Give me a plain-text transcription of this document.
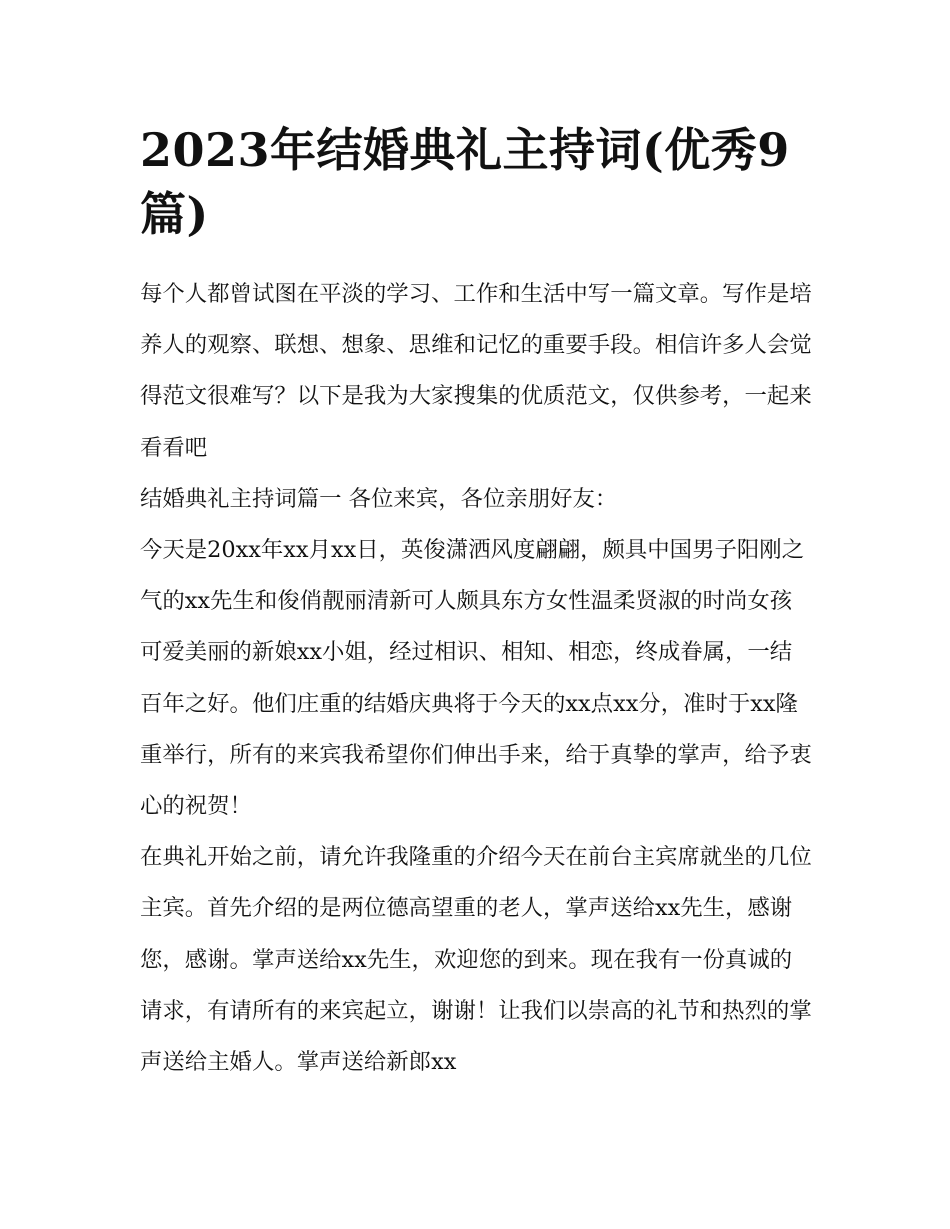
2023年结婚典礼主持词(优秀9篇)

每个人都曾试图在平淡的学习、工作和生活中写一篇文章。写作是培养人的观察、联想、想象、思维和记忆的重要手段。相信许多人会觉得范文很难写？以下是我为大家搜集的优质范文，仅供参考，一起来看看吧

结婚典礼主持词篇一 各位来宾，各位亲朋好友：

今天是20xx年xx月xx日，英俊潇洒风度翩翩，颇具中国男子阳刚之气的xx先生和俊俏靓丽清新可人颇具东方女性温柔贤淑的时尚女孩可爱美丽的新娘xx小姐，经过相识、相知、相恋，终成眷属，一结百年之好。他们庄重的结婚庆典将于今天的xx点xx分，准时于xx隆重举行，所有的来宾我希望你们伸出手来，给于真挚的掌声，给予衷心的祝贺！

在典礼开始之前，请允许我隆重的介绍今天在前台主宾席就坐的几位主宾。首先介绍的是两位德高望重的老人，掌声送给xx先生，感谢您，感谢。掌声送给xx先生，欢迎您的到来。现在我有一份真诚的请求，有请所有的来宾起立，谢谢！让我们以崇高的礼节和热烈的掌声送给主婚人。掌声送给新郎xx
